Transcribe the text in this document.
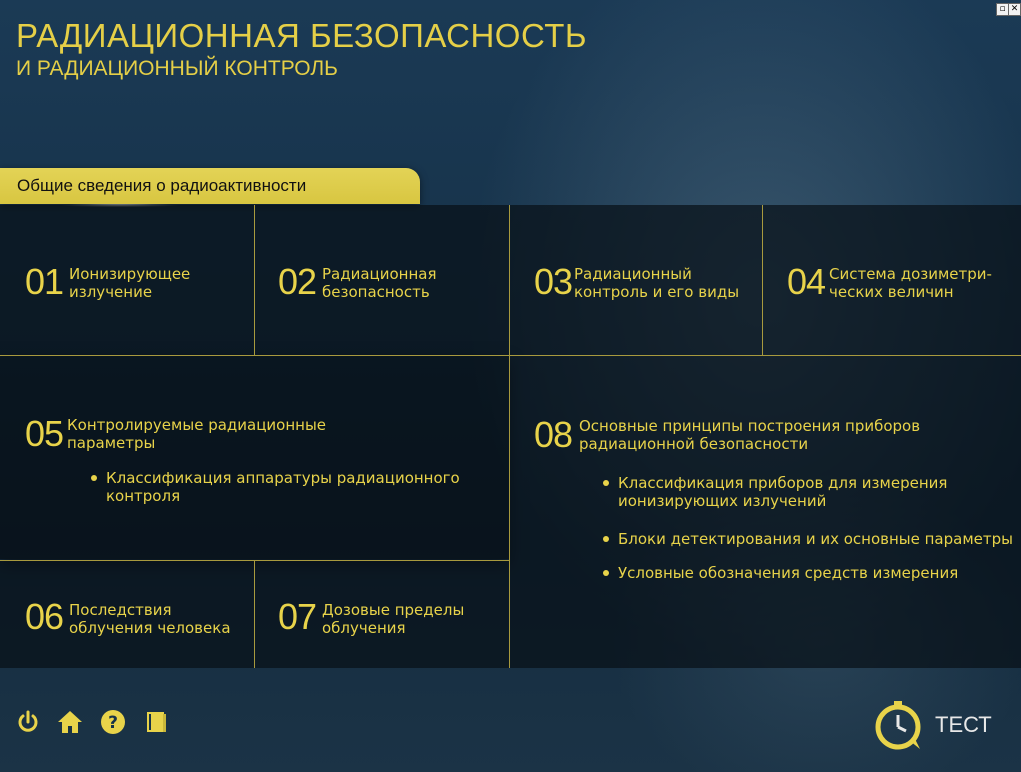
▫ ✕
РАДИАЦИОННАЯ БЕЗОПАСНОСТЬ
И РАДИАЦИОННЫЙ КОНТРОЛЬ
Общие сведения о радиоактивности
01 Ионизирующее
излучение	02 Радиационная
безопасность	03 Радиационный
контроль и его виды	04 Система дозиметри-
ческих величин
05 Контролируемые радиационные параметры
Классификация аппаратуры радиационного контроля
08 Основные принципы построения приборов радиационной безопасности
Классификация приборов для измерения ионизирующих излучений
Блоки детектирования и их основные параметры
Условные обозначения средств измерения
06 Последствия
облучения человека	07 Дозовые пределы
облучения
?	ТЕСТ
